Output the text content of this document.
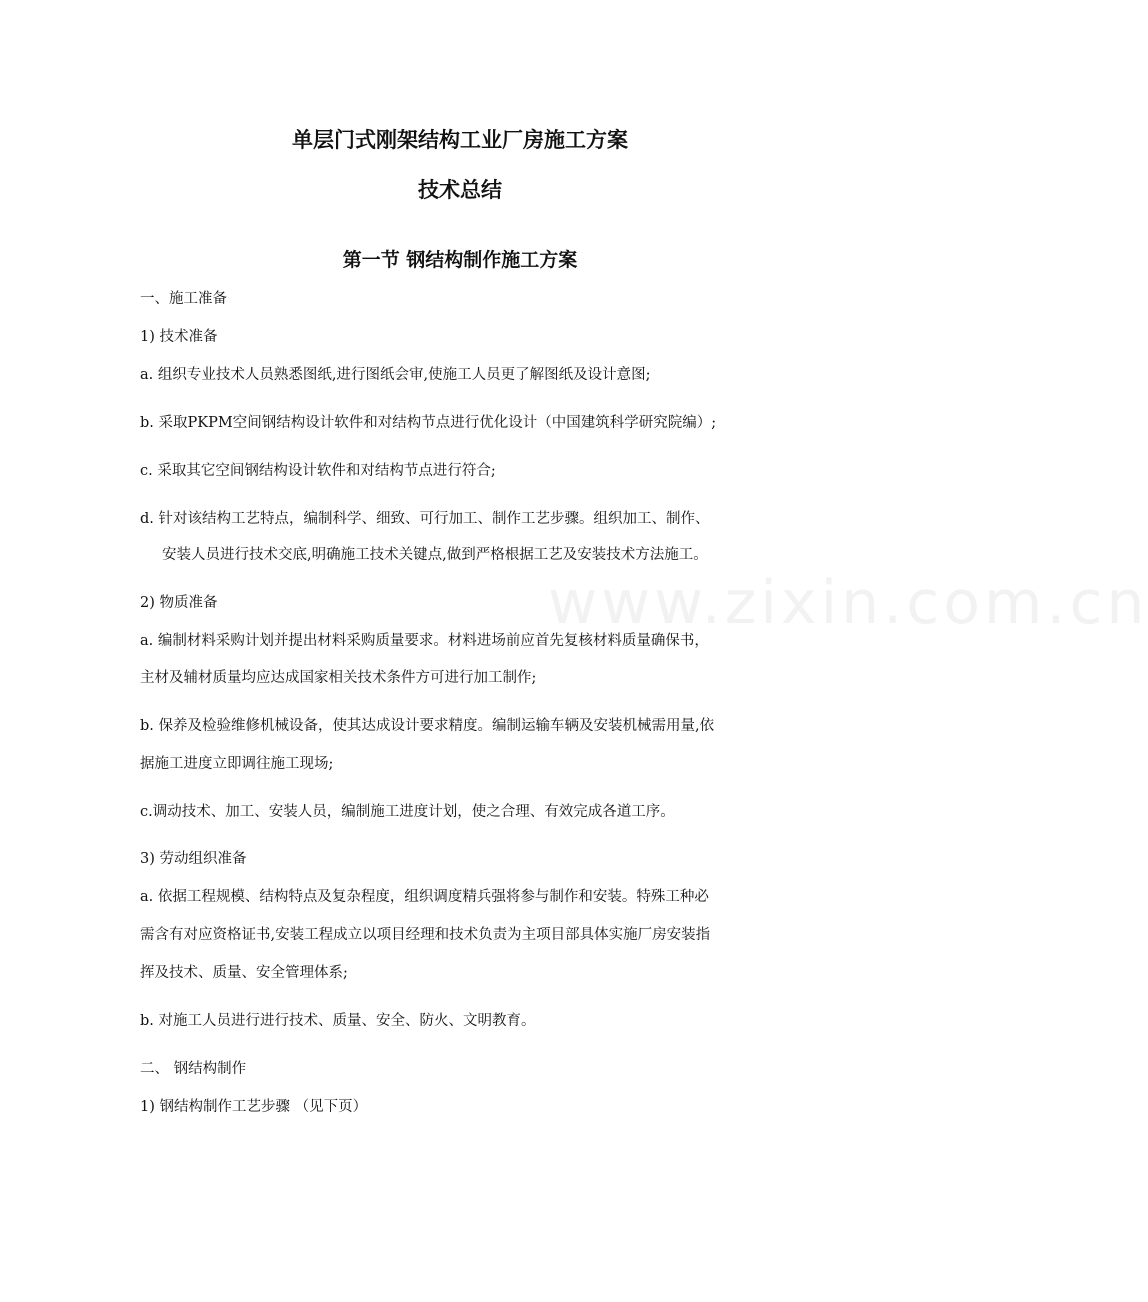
www.zixin.com.cn
单层门式刚架结构工业厂房施工方案
技术总结
第一节 钢结构制作施工方案
一、施工准备
1) 技术准备
a. 组织专业技术人员熟悉图纸,进行图纸会审,使施工人员更了解图纸及设计意图;
b. 采取PKPM空间钢结构设计软件和对结构节点进行优化设计（中国建筑科学研究院编）;
c. 采取其它空间钢结构设计软件和对结构节点进行符合;
d. 针对该结构工艺特点，编制科学、细致、可行加工、制作工艺步骤。组织加工、制作、
安装人员进行技术交底,明确施工技术关键点,做到严格根据工艺及安装技术方法施工。
2) 物质准备
a. 编制材料采购计划并提出材料采购质量要求。材料进场前应首先复核材料质量确保书，
主材及辅材质量均应达成国家相关技术条件方可进行加工制作;
b. 保养及检验维修机械设备，使其达成设计要求精度。编制运输车辆及安装机械需用量,依
据施工进度立即调往施工现场;
c.调动技术、加工、安装人员，编制施工进度计划，使之合理、有效完成各道工序。
3) 劳动组织准备
a. 依据工程规模、结构特点及复杂程度，组织调度精兵强将参与制作和安装。特殊工种必
需含有对应资格证书,安装工程成立以项目经理和技术负责为主项目部具体实施厂房安装指
挥及技术、质量、安全管理体系;
b. 对施工人员进行进行技术、质量、安全、防火、文明教育。
二、 钢结构制作
1) 钢结构制作工艺步骤 （见下页）
